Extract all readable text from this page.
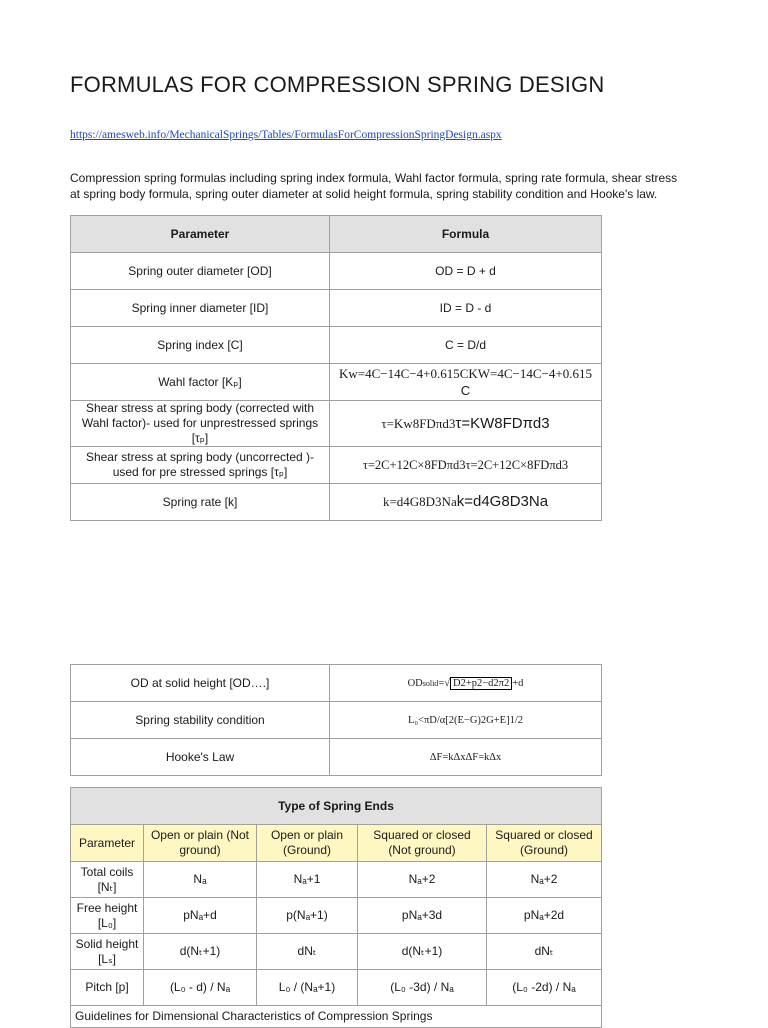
FORMULAS FOR COMPRESSION SPRING DESIGN
https://amesweb.info/MechanicalSprings/Tables/FormulasForCompressionSpringDesign.aspx

Compression spring formulas including spring index formula, Wahl factor formula, spring rate formula, shear stress at spring body formula, spring outer diameter at solid height formula, spring stability condition and Hooke's law.

Parameter	Formula
Spring outer diameter [OD]	OD = D + d
Spring inner diameter [ID]	ID = D - d
Spring index [C]	C = D/d
Wahl factor [Kₚ]	Kw=4C−14C−4+0.615CKW=4C−14C−4+0.615
C

Shear stress at spring body (corrected with Wahl factor)- used for unprestressed springs [τₚ]	τ=Kw8FDπd3τ=KW8FDπd3
Shear stress at spring body (uncorrected )- used for pre stressed springs [τₚ]	τ=2C+12C×8FDπd3τ=2C+12C×8FDπd3
Spring rate [k]	k=d4G8D3Nak=d4G8D3Na
OD at solid height [OD….]	ODsolid=√ D2+p2−d2π2 +d
Spring stability condition	L₀<πD/α[2(E−G)2G+E]1/2
Hooke's Law	ΔF=kΔxΔF=kΔx
Type of Spring Ends				
Parameter	Open or plain (Not ground)	Open or plain (Ground)	Squared or closed (Not ground)	Squared or closed (Ground)
Total coils [Nₜ]	Nₐ	Nₐ+1	Nₐ+2	Nₐ+2
Free height [L₀]	pNₐ+d	p(Nₐ+1)	pNₐ+3d	pNₐ+2d
Solid height [Lₛ]	d(Nₜ+1)	dNₜ	d(Nₜ+1)	dNₜ
Pitch [p]	(L₀ - d) / Nₐ	L₀ / (Nₐ+1)	(L₀ -3d) / Nₐ	(L₀ -2d) / Nₐ
Guidelines for Dimensional Characteristics of Compression Springs				
